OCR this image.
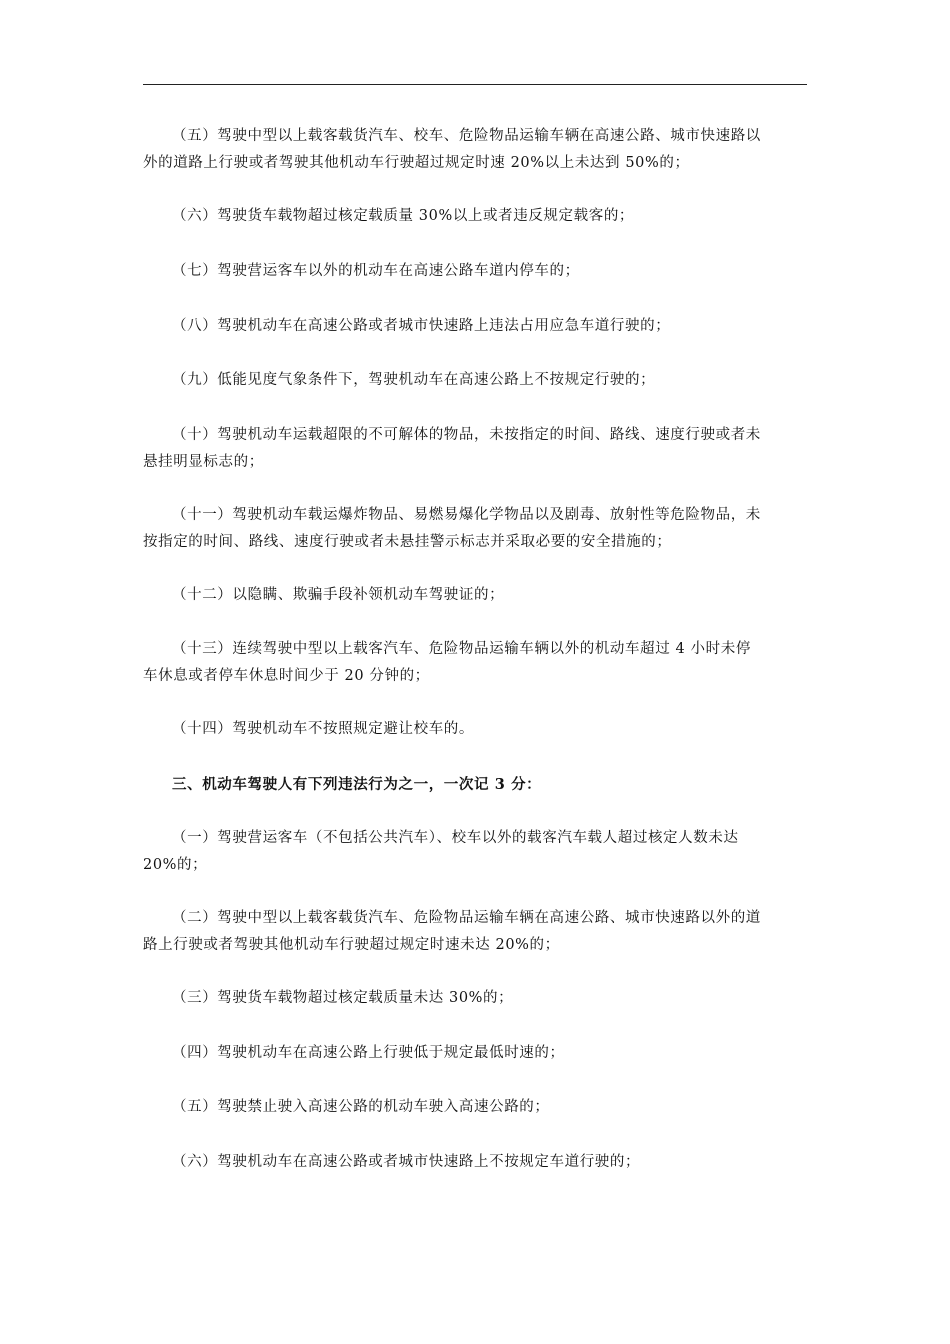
（五）驾驶中型以上载客载货汽车、校车、危险物品运输车辆在高速公路、城市快速路以
外的道路上行驶或者驾驶其他机动车行驶超过规定时速 20%以上未达到 50%的；

（六）驾驶货车载物超过核定载质量 30%以上或者违反规定载客的；

（七）驾驶营运客车以外的机动车在高速公路车道内停车的；

（八）驾驶机动车在高速公路或者城市快速路上违法占用应急车道行驶的；

（九）低能见度气象条件下，驾驶机动车在高速公路上不按规定行驶的；

（十）驾驶机动车运载超限的不可解体的物品，未按指定的时间、路线、速度行驶或者未
悬挂明显标志的；

（十一）驾驶机动车载运爆炸物品、易燃易爆化学物品以及剧毒、放射性等危险物品，未
按指定的时间、路线、速度行驶或者未悬挂警示标志并采取必要的安全措施的；

（十二）以隐瞒、欺骗手段补领机动车驾驶证的；

（十三）连续驾驶中型以上载客汽车、危险物品运输车辆以外的机动车超过 4 小时未停
车休息或者停车休息时间少于 20 分钟的；

（十四）驾驶机动车不按照规定避让校车的。

三、机动车驾驶人有下列违法行为之一，一次记 3 分：

（一）驾驶营运客车（不包括公共汽车）、校车以外的载客汽车载人超过核定人数未达
20%的；

（二）驾驶中型以上载客载货汽车、危险物品运输车辆在高速公路、城市快速路以外的道
路上行驶或者驾驶其他机动车行驶超过规定时速未达 20%的；

（三）驾驶货车载物超过核定载质量未达 30%的；

（四）驾驶机动车在高速公路上行驶低于规定最低时速的；

（五）驾驶禁止驶入高速公路的机动车驶入高速公路的；

（六）驾驶机动车在高速公路或者城市快速路上不按规定车道行驶的；
